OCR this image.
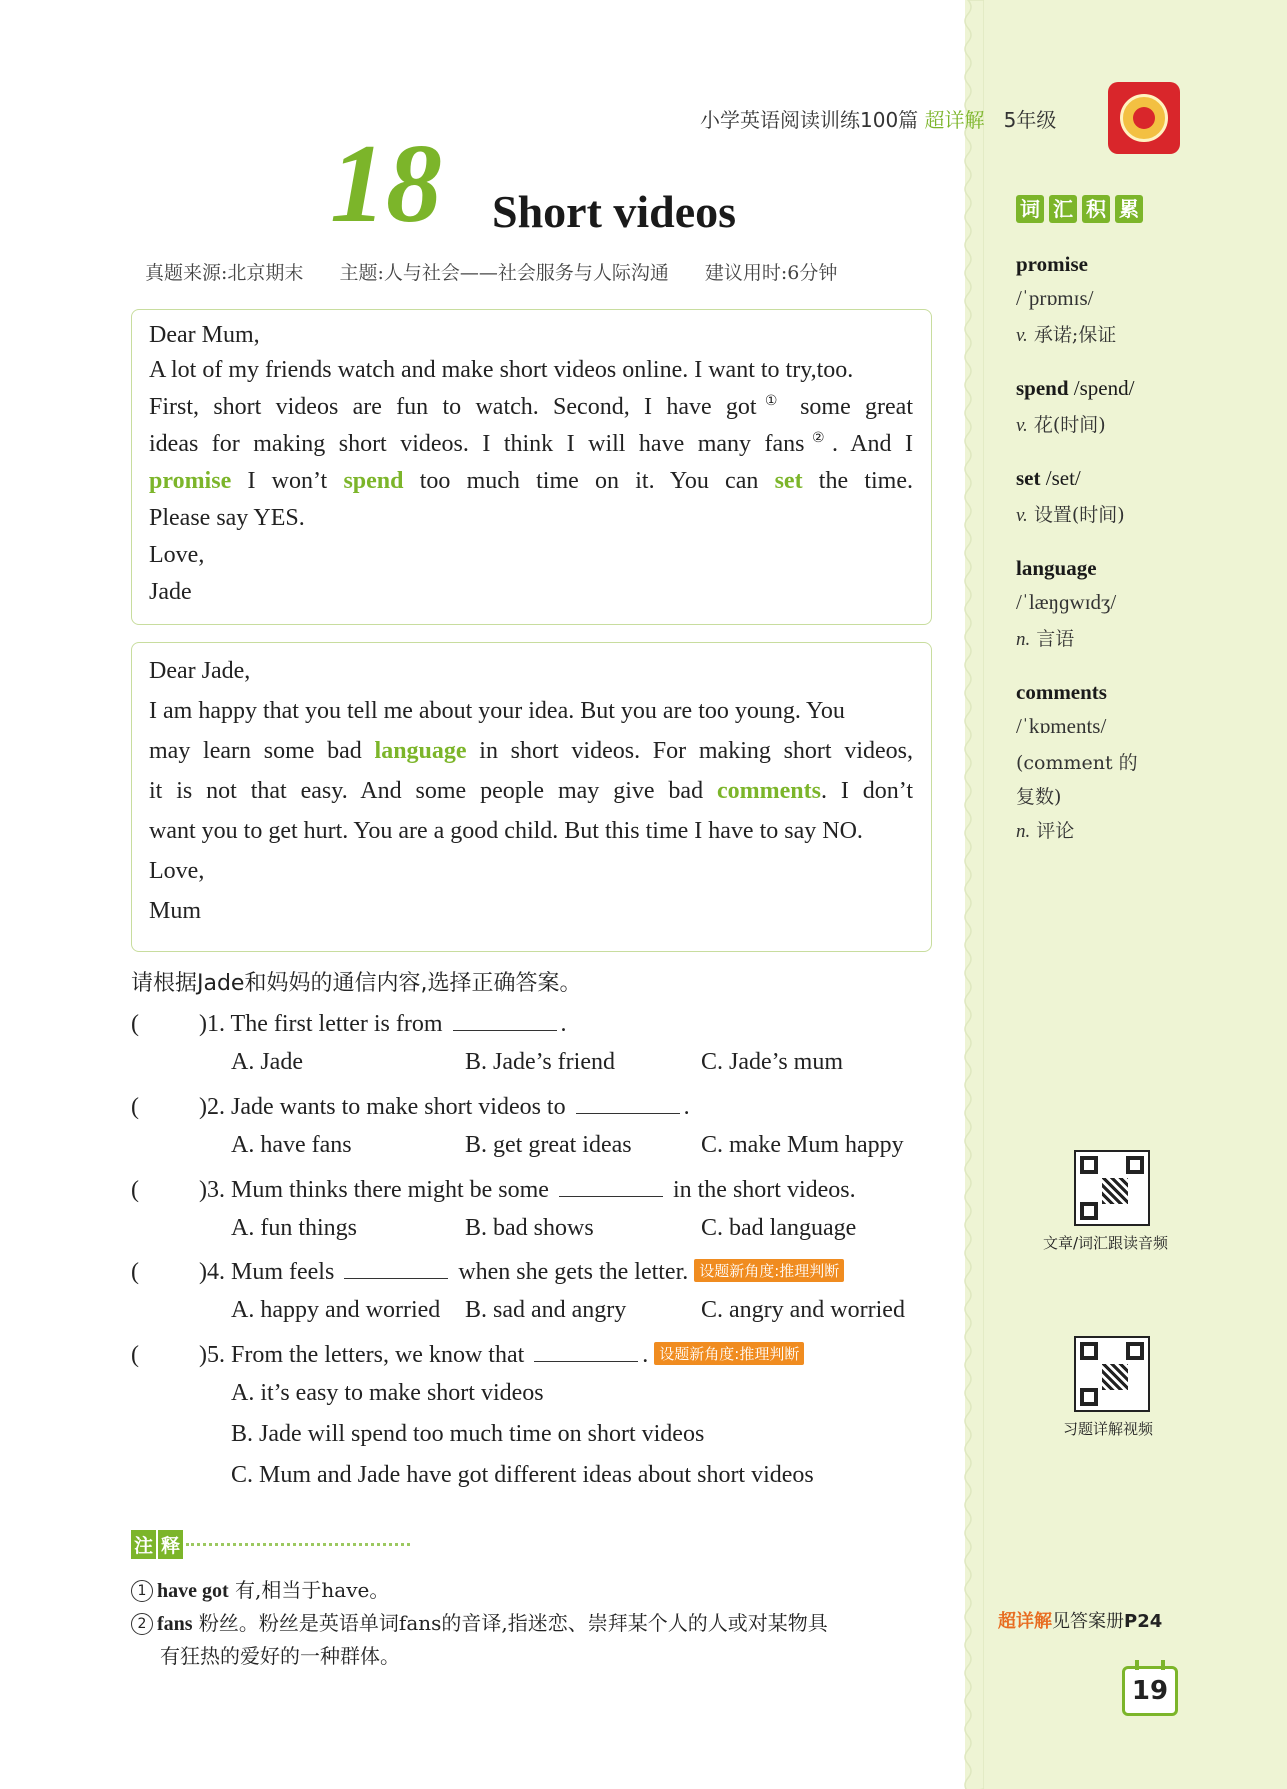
小学英语阅读训练100篇 超详解 5年级
18 Short videos
真题来源:北京期末 主题:人与社会——社会服务与人际沟通 建议用时:6分钟
Dear Mum,
A lot of my friends watch and make short videos online. I want to try,too.
First, short videos are fun to watch. Second, I have got① some great
ideas for making short videos. I think I will have many fans②. And I
promise I won’t spend too much time on it. You can set the time.
Please say YES.
Love,
Jade
Dear Jade,
I am happy that you tell me about your idea. But you are too young. You
may learn some bad language in short videos. For making short videos,
it is not that easy. And some people may give bad comments. I don’t
want you to get hurt. You are a good child. But this time I have to say NO.
Love,
Mum
请根据Jade和妈妈的通信内容,选择正确答案。
(	)1. The first letter is from	.
A. Jade	B. Jade’s friend	C. Jade’s mum
(	)2. Jade wants to make short videos to	.
A. have fans	B. get great ideas	C. make Mum happy
(	)3. Mum thinks there might be some	in the short videos.
A. fun things	B. bad shows	C. bad language
(	)4. Mum feels	when she gets the letter. 设题新角度:推理判断
A. happy and worried B. sad and angry	C. angry and worried
(	)5. From the letters, we know that	. 设题新角度:推理判断
A. it’s easy to make short videos
B. Jade will spend too much time on short videos
C. Mum and Jade have got different ideas about short videos
注 释
1 have got 有,相当于have。
2 fans 粉丝。粉丝是英语单词fans的音译,指迷恋、崇拜某个人的人或对某物具
有狂热的爱好的一种群体。
词 汇 积 累
promise
/ˈprɒmɪs/
v. 承诺;保证
spend /spend/
v. 花(时间)
set /set/
v. 设置(时间)
language
/ˈlæŋɡwɪdʒ/
n. 言语
comments
/ˈkɒments/
(comment 的
复数)
n. 评论
文章/词汇跟读音频
习题详解视频
超详解见答案册P24
19
